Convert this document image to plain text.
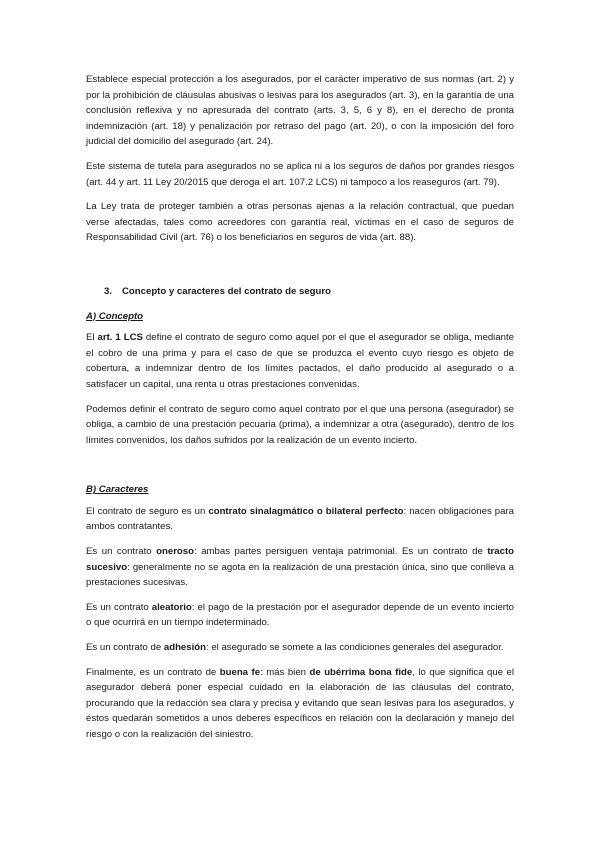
Establece especial protección a los asegurados, por el carácter imperativo de sus normas (art. 2) y por la prohibición de cláusulas abusivas o lesivas para los asegurados (art. 3), en la garantía de una conclusión reflexiva y no apresurada del contrato (arts. 3, 5, 6 y 8), en el derecho de pronta indemnización (art. 18) y penalización por retraso del pago (art. 20), o con la imposición del foro judicial del domicilio del asegurado (art. 24).

Este sistema de tutela para asegurados no se aplica ni a los seguros de daños por grandes riesgos (art. 44 y art. 11 Ley 20/2015 que deroga el art. 107.2 LCS) ni tampoco a los reaseguros (art. 79).

La Ley trata de proteger también a otras personas ajenas a la relación contractual, que puedan verse afectadas, tales como acreedores con garantía real, víctimas en el caso de seguros de Responsabilidad Civil (art. 76) o los beneficiarios en seguros de vida (art. 88).

3. Concepto y caracteres del contrato de seguro
A) Concepto

El art. 1 LCS define el contrato de seguro como aquel por el que el asegurador se obliga, mediante el cobro de una prima y para el caso de que se produzca el evento cuyo riesgo es objeto de cobertura, a indemnizar dentro de los límites pactados, el daño producido al asegurado o a satisfacer un capital, una renta u otras prestaciones convenidas.

Podemos definir el contrato de seguro como aquel contrato por el que una persona (asegurador) se obliga, a cambio de una prestación pecuaria (prima), a indemnizar a otra (asegurado), dentro de los límites convenidos, los daños sufridos por la realización de un evento incierto.

B) Caracteres

El contrato de seguro es un contrato sinalagmático o bilateral perfecto: nacen obligaciones para ambos contratantes.

Es un contrato oneroso: ambas partes persiguen ventaja patrimonial. Es un contrato de tracto sucesivo: generalmente no se agota en la realización de una prestación única, sino que conlleva a prestaciones sucesivas.

Es un contrato aleatorio: el pago de la prestación por el asegurador depende de un evento incierto o que ocurrirá en un tiempo indeterminado.

Es un contrato de adhesión: el asegurado se somete a las condiciones generales del asegurador.

Finalmente, es un contrato de buena fe: más bien de ubérrima bona fide, lo que significa que el asegurador deberá poner especial cuidado en la elaboración de las cláusulas del contrato, procurando que la redacción sea clara y precisa y evitando que sean lesivas para los asegurados, y éstos quedarán sometidos a unos deberes específicos en relación con la declaración y manejo del riesgo o con la realización del siniestro.
